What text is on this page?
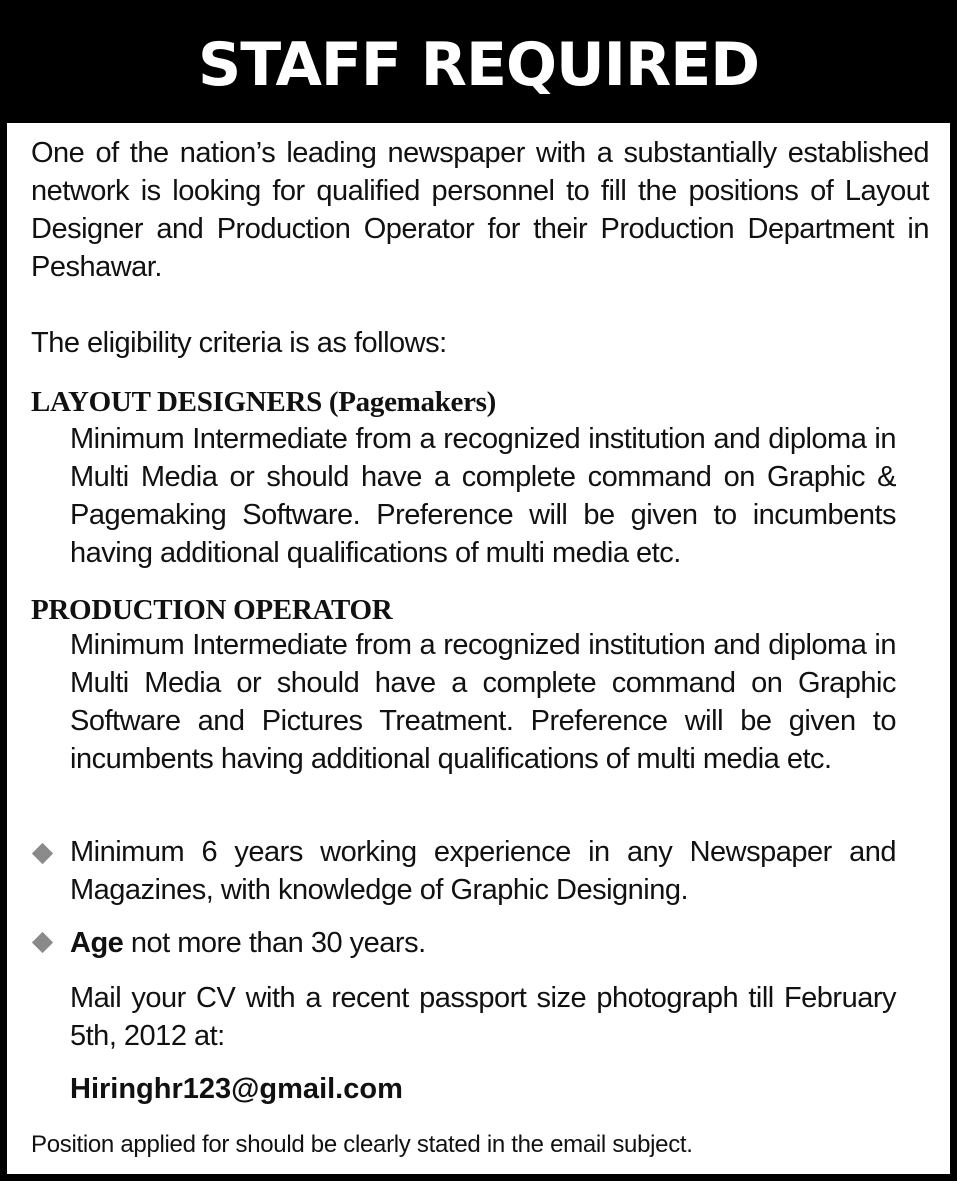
STAFF REQUIRED

One of the nation’s leading newspaper with a substantially established network is looking for qualified personnel to fill the positions of Layout Designer and Production Operator for their Production Department in Peshawar.

The eligibility criteria is as follows:

LAYOUT DESIGNERS (Pagemakers)

Minimum Intermediate from a recognized institution and diploma in Multi Media or should have a complete command on Graphic & Pagemaking Software. Preference will be given to incumbents having additional qualifications of multi media etc.

PRODUCTION OPERATOR

Minimum Intermediate from a recognized institution and diploma in Multi Media or should have a complete command on Graphic Software and Pictures Treatment. Preference will be given to incumbents having additional qualifications of multi media etc.

Minimum 6 years working experience in any Newspaper and Magazines, with knowledge of Graphic Designing.

Age not more than 30 years.

Mail your CV with a recent passport size photograph till February 5th, 2012 at:

Hiringhr123@gmail.com

Position applied for should be clearly stated in the email subject.
